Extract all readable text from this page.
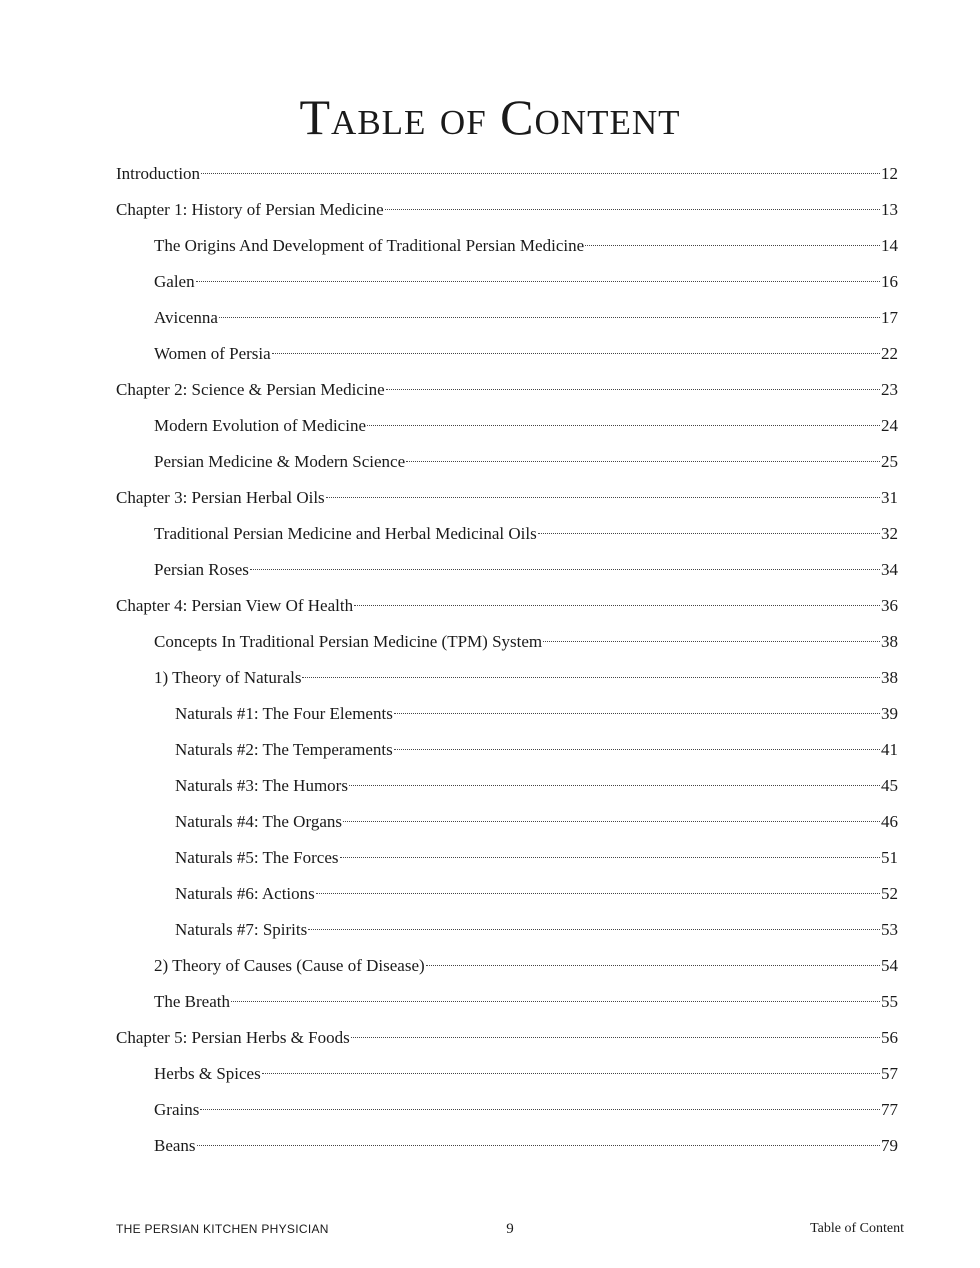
Table of Content
Introduction	12
Chapter 1: History of Persian Medicine	13
The Origins And Development of Traditional Persian Medicine	14
Galen	16
Avicenna	17
Women of Persia	22
Chapter 2: Science & Persian Medicine	23
Modern Evolution of Medicine	24
Persian Medicine & Modern Science	25
Chapter 3: Persian Herbal Oils	31
Traditional Persian Medicine and Herbal Medicinal Oils	32
Persian Roses	34
Chapter 4: Persian View Of Health	36
Concepts In Traditional Persian Medicine (TPM) System	38
1) Theory of Naturals	38
Naturals #1: The Four Elements	39
Naturals #2: The Temperaments	41
Naturals #3: The Humors	45
Naturals #4: The Organs	46
Naturals #5: The Forces	51
Naturals #6: Actions	52
Naturals #7: Spirits	53
2) Theory of Causes (Cause of Disease)	54
The Breath	55
Chapter 5: Persian Herbs & Foods	56
Herbs & Spices	57
Grains	77
Beans	79
THE PERSIAN KITCHEN PHYSICIAN	9	Table of Content
